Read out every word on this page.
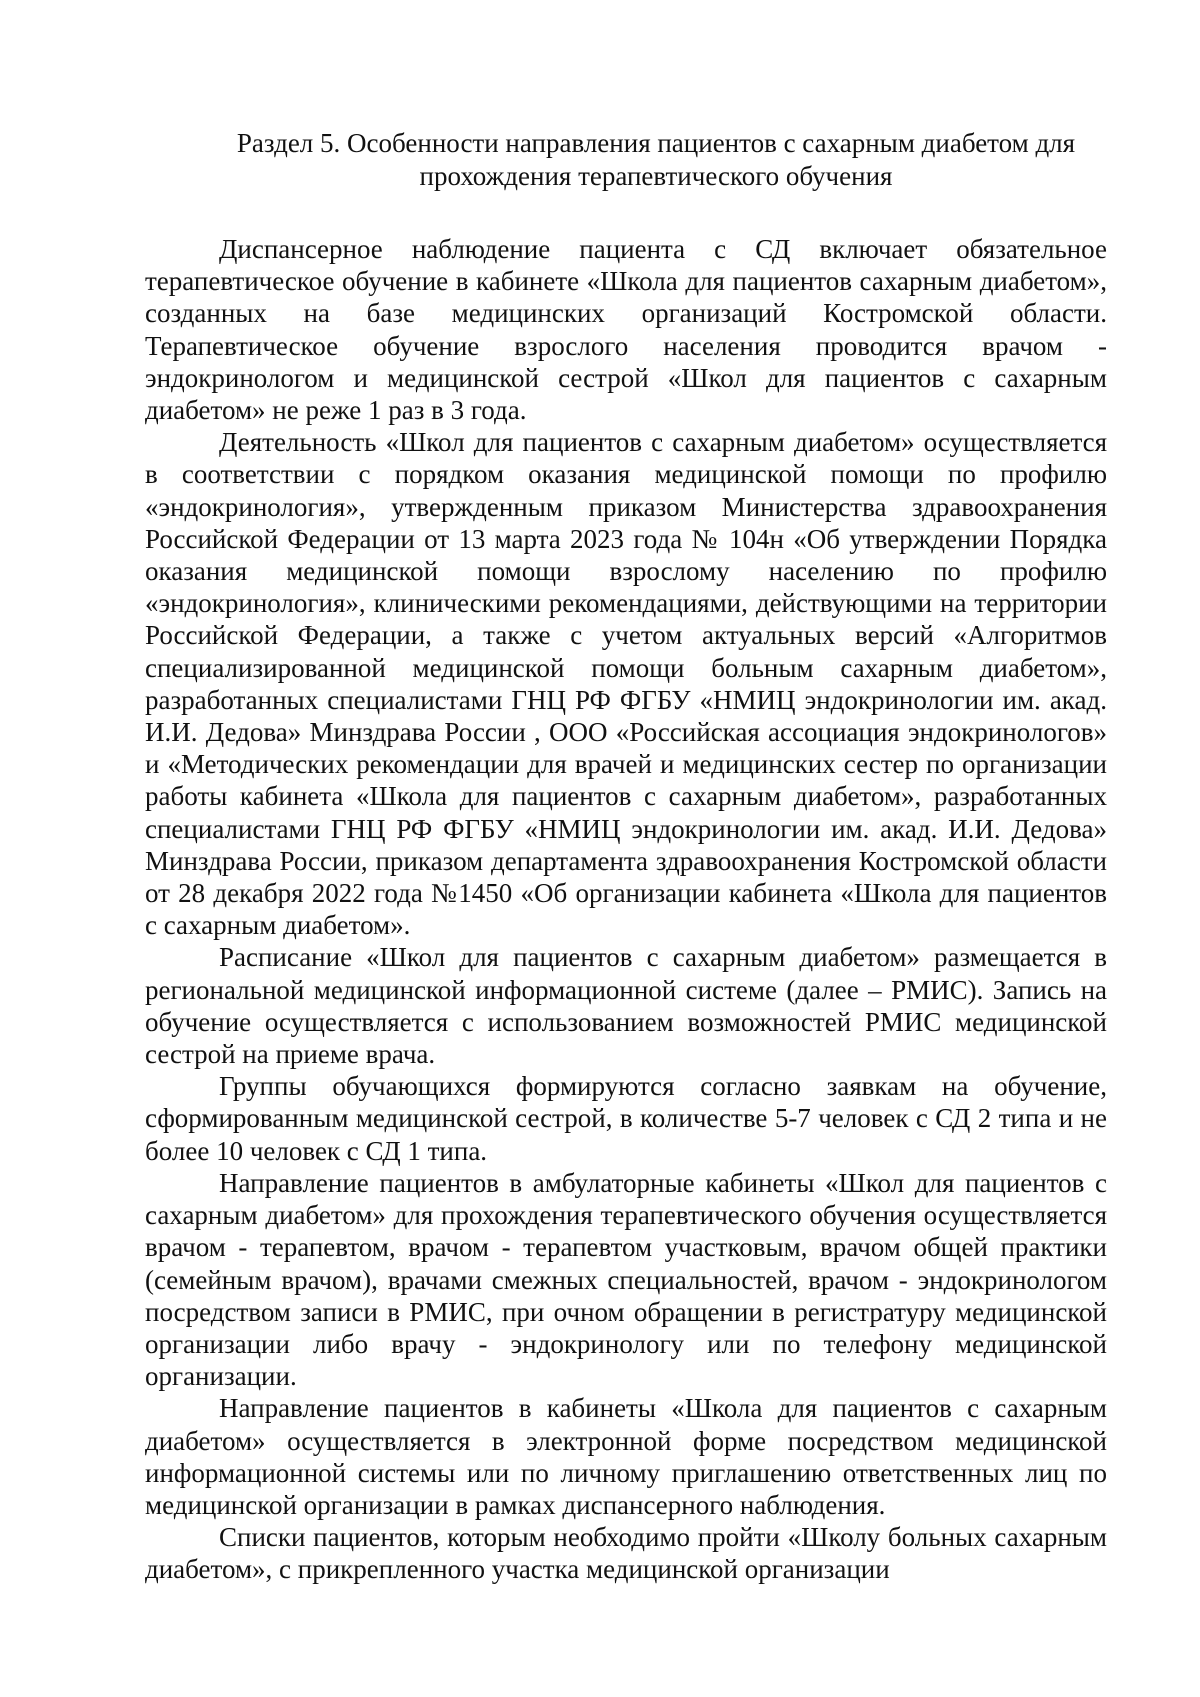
Раздел 5. Особенности направления пациентов с сахарным диабетом для прохождения терапевтического обучения

Диспансерное наблюдение пациента с СД включает обязательное терапевтическое обучение в кабинете «Школа для пациентов сахарным диабетом», созданных на базе медицинских организаций Костромской области. Терапевтическое обучение взрослого населения проводится врачом - эндокринологом и медицинской сестрой «Школ для пациентов с сахарным диабетом» не реже 1 раз в 3 года.

Деятельность «Школ для пациентов с сахарным диабетом» осуществляется в соответствии с порядком оказания медицинской помощи по профилю «эндокринология», утвержденным приказом Министерства здравоохранения Российской Федерации от 13 марта 2023 года № 104н «Об утверждении Порядка оказания медицинской помощи взрослому населению по профилю «эндокринология», клиническими рекомендациями, действующими на территории Российской Федерации, а также с учетом актуальных версий «Алгоритмов специализированной медицинской помощи больным сахарным диабетом», разработанных специалистами ГНЦ РФ ФГБУ «НМИЦ эндокринологии им. акад. И.И. Дедова» Минздрава России , ООО «Российская ассоциация эндокринологов» и «Методических рекомендации для врачей и медицинских сестер по организации работы кабинета «Школа для пациентов с сахарным диабетом», разработанных специалистами ГНЦ РФ ФГБУ «НМИЦ эндокринологии им. акад. И.И. Дедова» Минздрава России, приказом департамента здравоохранения Костромской области от 28 декабря 2022 года №1450 «Об организации кабинета «Школа для пациентов с сахарным диабетом».

Расписание «Школ для пациентов с сахарным диабетом» размещается в региональной медицинской информационной системе (далее – РМИС). Запись на обучение осуществляется с использованием возможностей РМИС медицинской сестрой на приеме врача.

Группы обучающихся формируются согласно заявкам на обучение, сформированным медицинской сестрой, в количестве 5-7 человек с СД 2 типа и не более 10 человек с СД 1 типа.

Направление пациентов в амбулаторные кабинеты «Школ для пациентов с сахарным диабетом» для прохождения терапевтического обучения осуществляется врачом - терапевтом, врачом - терапевтом участковым, врачом общей практики (семейным врачом), врачами смежных специальностей, врачом - эндокринологом посредством записи в РМИС, при очном обращении в регистратуру медицинской организации либо врачу - эндокринологу или по телефону медицинской организации.

Направление пациентов в кабинеты «Школа для пациентов с сахарным диабетом» осуществляется в электронной форме посредством медицинской информационной системы или по личному приглашению ответственных лиц по медицинской организации в рамках диспансерного наблюдения.

Списки пациентов, которым необходимо пройти «Школу больных сахарным диабетом», с прикрепленного участка медицинской организации
